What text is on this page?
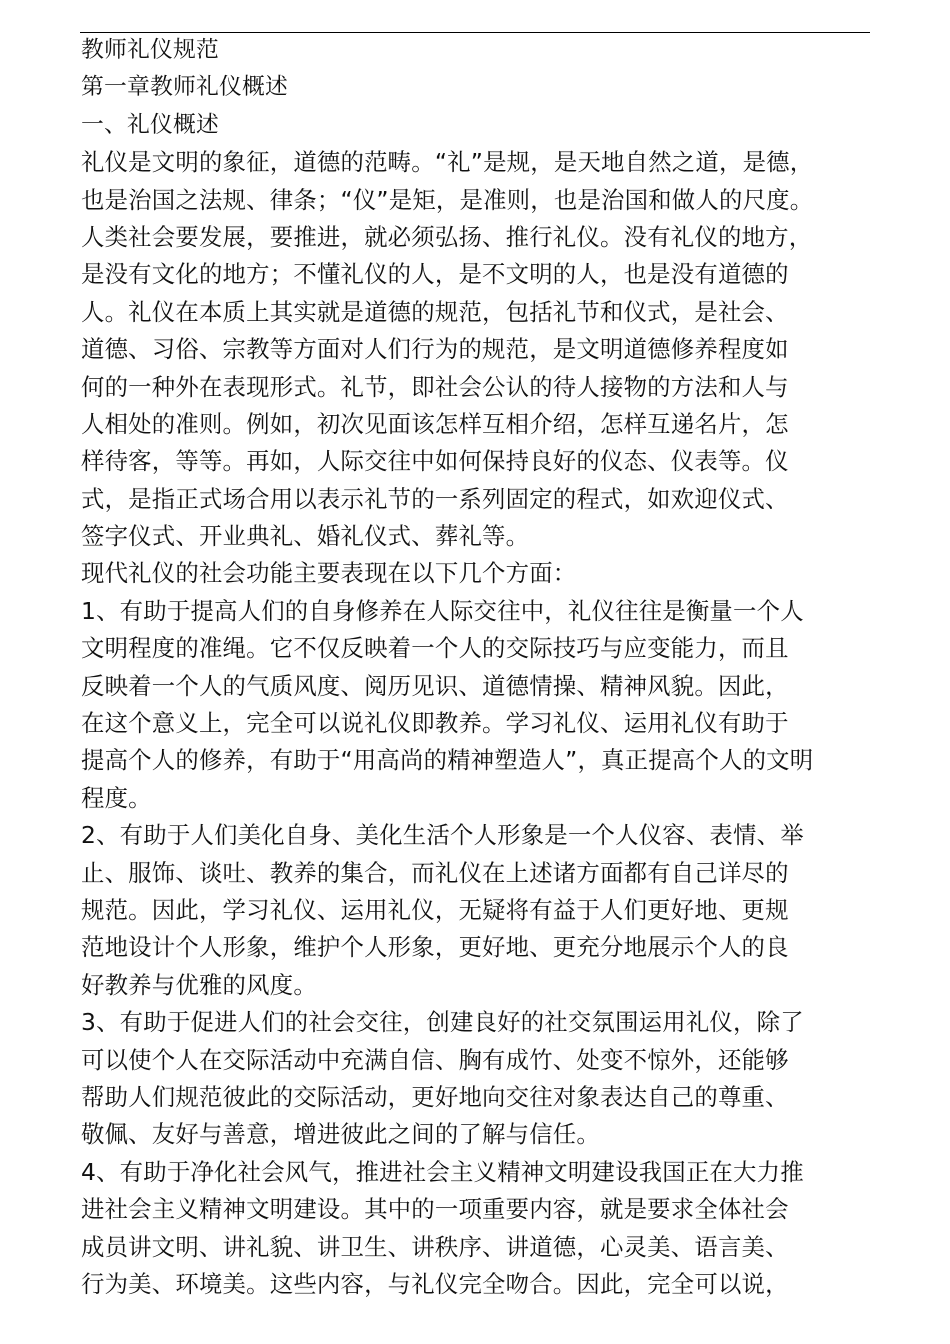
教师礼仪规范
第一章教师礼仪概述
一、礼仪概述
礼仪是文明的象征，道德的范畴。“礼”是规，是天地自然之道，是德，
也是治国之法规、律条；“仪”是矩，是准则，也是治国和做人的尺度。
人类社会要发展，要推进，就必须弘扬、推行礼仪。没有礼仪的地方，
是没有文化的地方；不懂礼仪的人，是不文明的人，也是没有道德的
人。礼仪在本质上其实就是道德的规范，包括礼节和仪式，是社会、
道德、习俗、宗教等方面对人们行为的规范，是文明道德修养程度如
何的一种外在表现形式。礼节，即社会公认的待人接物的方法和人与
人相处的准则。例如，初次见面该怎样互相介绍，怎样互递名片，怎
样待客，等等。再如，人际交往中如何保持良好的仪态、仪表等。仪
式，是指正式场合用以表示礼节的一系列固定的程式，如欢迎仪式、
签字仪式、开业典礼、婚礼仪式、葬礼等。
现代礼仪的社会功能主要表现在以下几个方面：
1、有助于提高人们的自身修养在人际交往中，礼仪往往是衡量一个人
文明程度的准绳。它不仅反映着一个人的交际技巧与应变能力，而且
反映着一个人的气质风度、阅历见识、道德情操、精神风貌。因此，
在这个意义上，完全可以说礼仪即教养。学习礼仪、运用礼仪有助于
提高个人的修养，有助于“用高尚的精神塑造人”，真正提高个人的文明
程度。
2、有助于人们美化自身、美化生活个人形象是一个人仪容、表情、举
止、服饰、谈吐、教养的集合，而礼仪在上述诸方面都有自己详尽的
规范。因此，学习礼仪、运用礼仪，无疑将有益于人们更好地、更规
范地设计个人形象，维护个人形象，更好地、更充分地展示个人的良
好教养与优雅的风度。
3、有助于促进人们的社会交往，创建良好的社交氛围运用礼仪，除了
可以使个人在交际活动中充满自信、胸有成竹、处变不惊外，还能够
帮助人们规范彼此的交际活动，更好地向交往对象表达自己的尊重、
敬佩、友好与善意，增进彼此之间的了解与信任。
4、有助于净化社会风气，推进社会主义精神文明建设我国正在大力推
进社会主义精神文明建设。其中的一项重要内容，就是要求全体社会
成员讲文明、讲礼貌、讲卫生、讲秩序、讲道德，心灵美、语言美、
行为美、环境美。这些内容，与礼仪完全吻合。因此，完全可以说，
